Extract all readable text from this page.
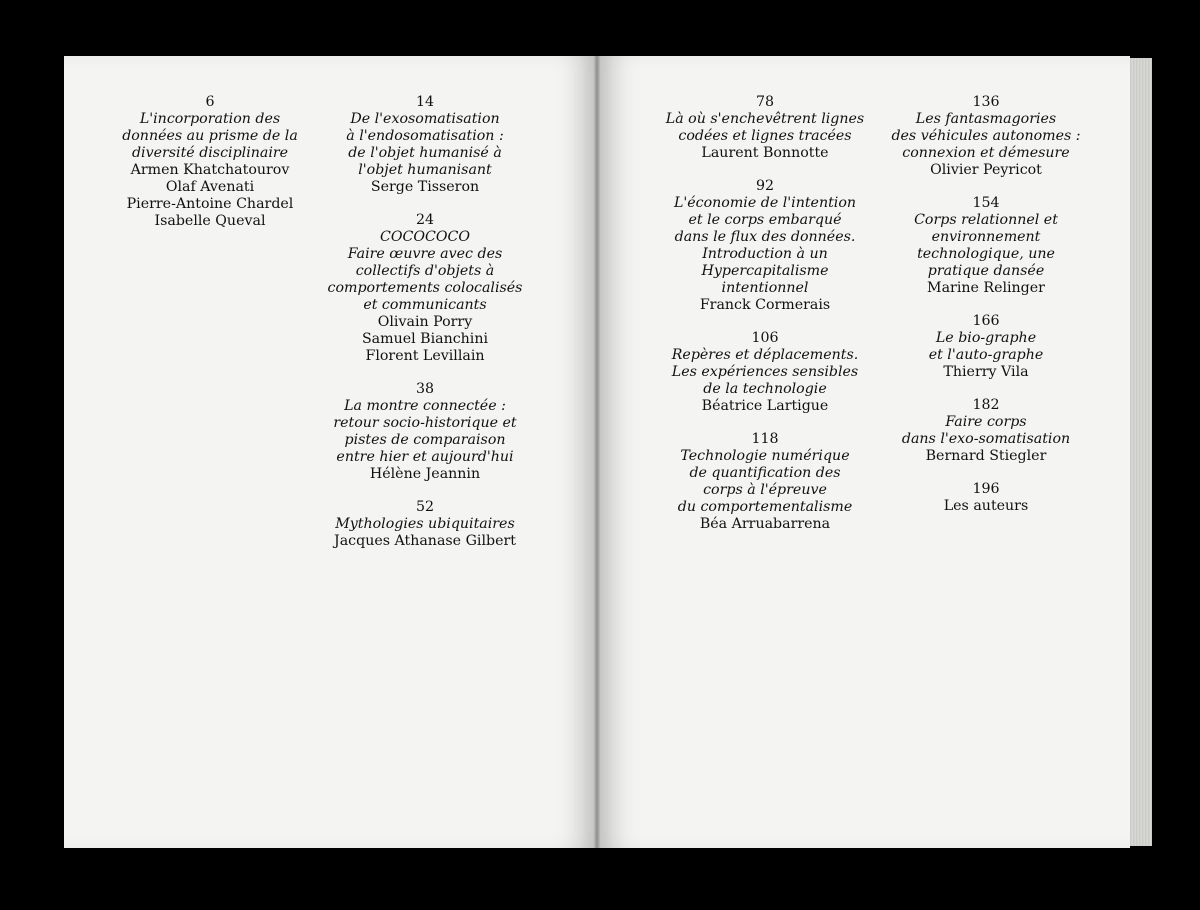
6
L'incorporation des
données au prisme de la
diversité disciplinaire
Armen Khatchatourov
Olaf Avenati
Pierre-Antoine Chardel
Isabelle Queval
14
De l'exosomatisation
à l'endosomatisation :
de l'objet humanisé à
l'objet humanisant
Serge Tisseron
24
COCOCOCO
Faire œuvre avec des
collectifs d'objets à
comportements colocalisés
et communicants
Olivain Porry
Samuel Bianchini
Florent Levillain
38
La montre connectée :
retour socio-historique et
pistes de comparaison
entre hier et aujourd'hui
Hélène Jeannin
52
Mythologies ubiquitaires
Jacques Athanase Gilbert
78
Là où s'enchevêtrent lignes
codées et lignes tracées
Laurent Bonnotte
92
L'économie de l'intention
et le corps embarqué
dans le flux des données.
Introduction à un
Hypercapitalisme
intentionnel
Franck Cormerais
106
Repères et déplacements.
Les expériences sensibles
de la technologie
Béatrice Lartigue
118
Technologie numérique
de quantification des
corps à l'épreuve
du comportementalisme
Béa Arruabarrena
136
Les fantasmagories
des véhicules autonomes :
connexion et démesure
Olivier Peyricot
154
Corps relationnel et
environnement
technologique, une
pratique dansée
Marine Relinger
166
Le bio-graphe
et l'auto-graphe
Thierry Vila
182
Faire corps
dans l'exo-somatisation
Bernard Stiegler
196
Les auteurs
